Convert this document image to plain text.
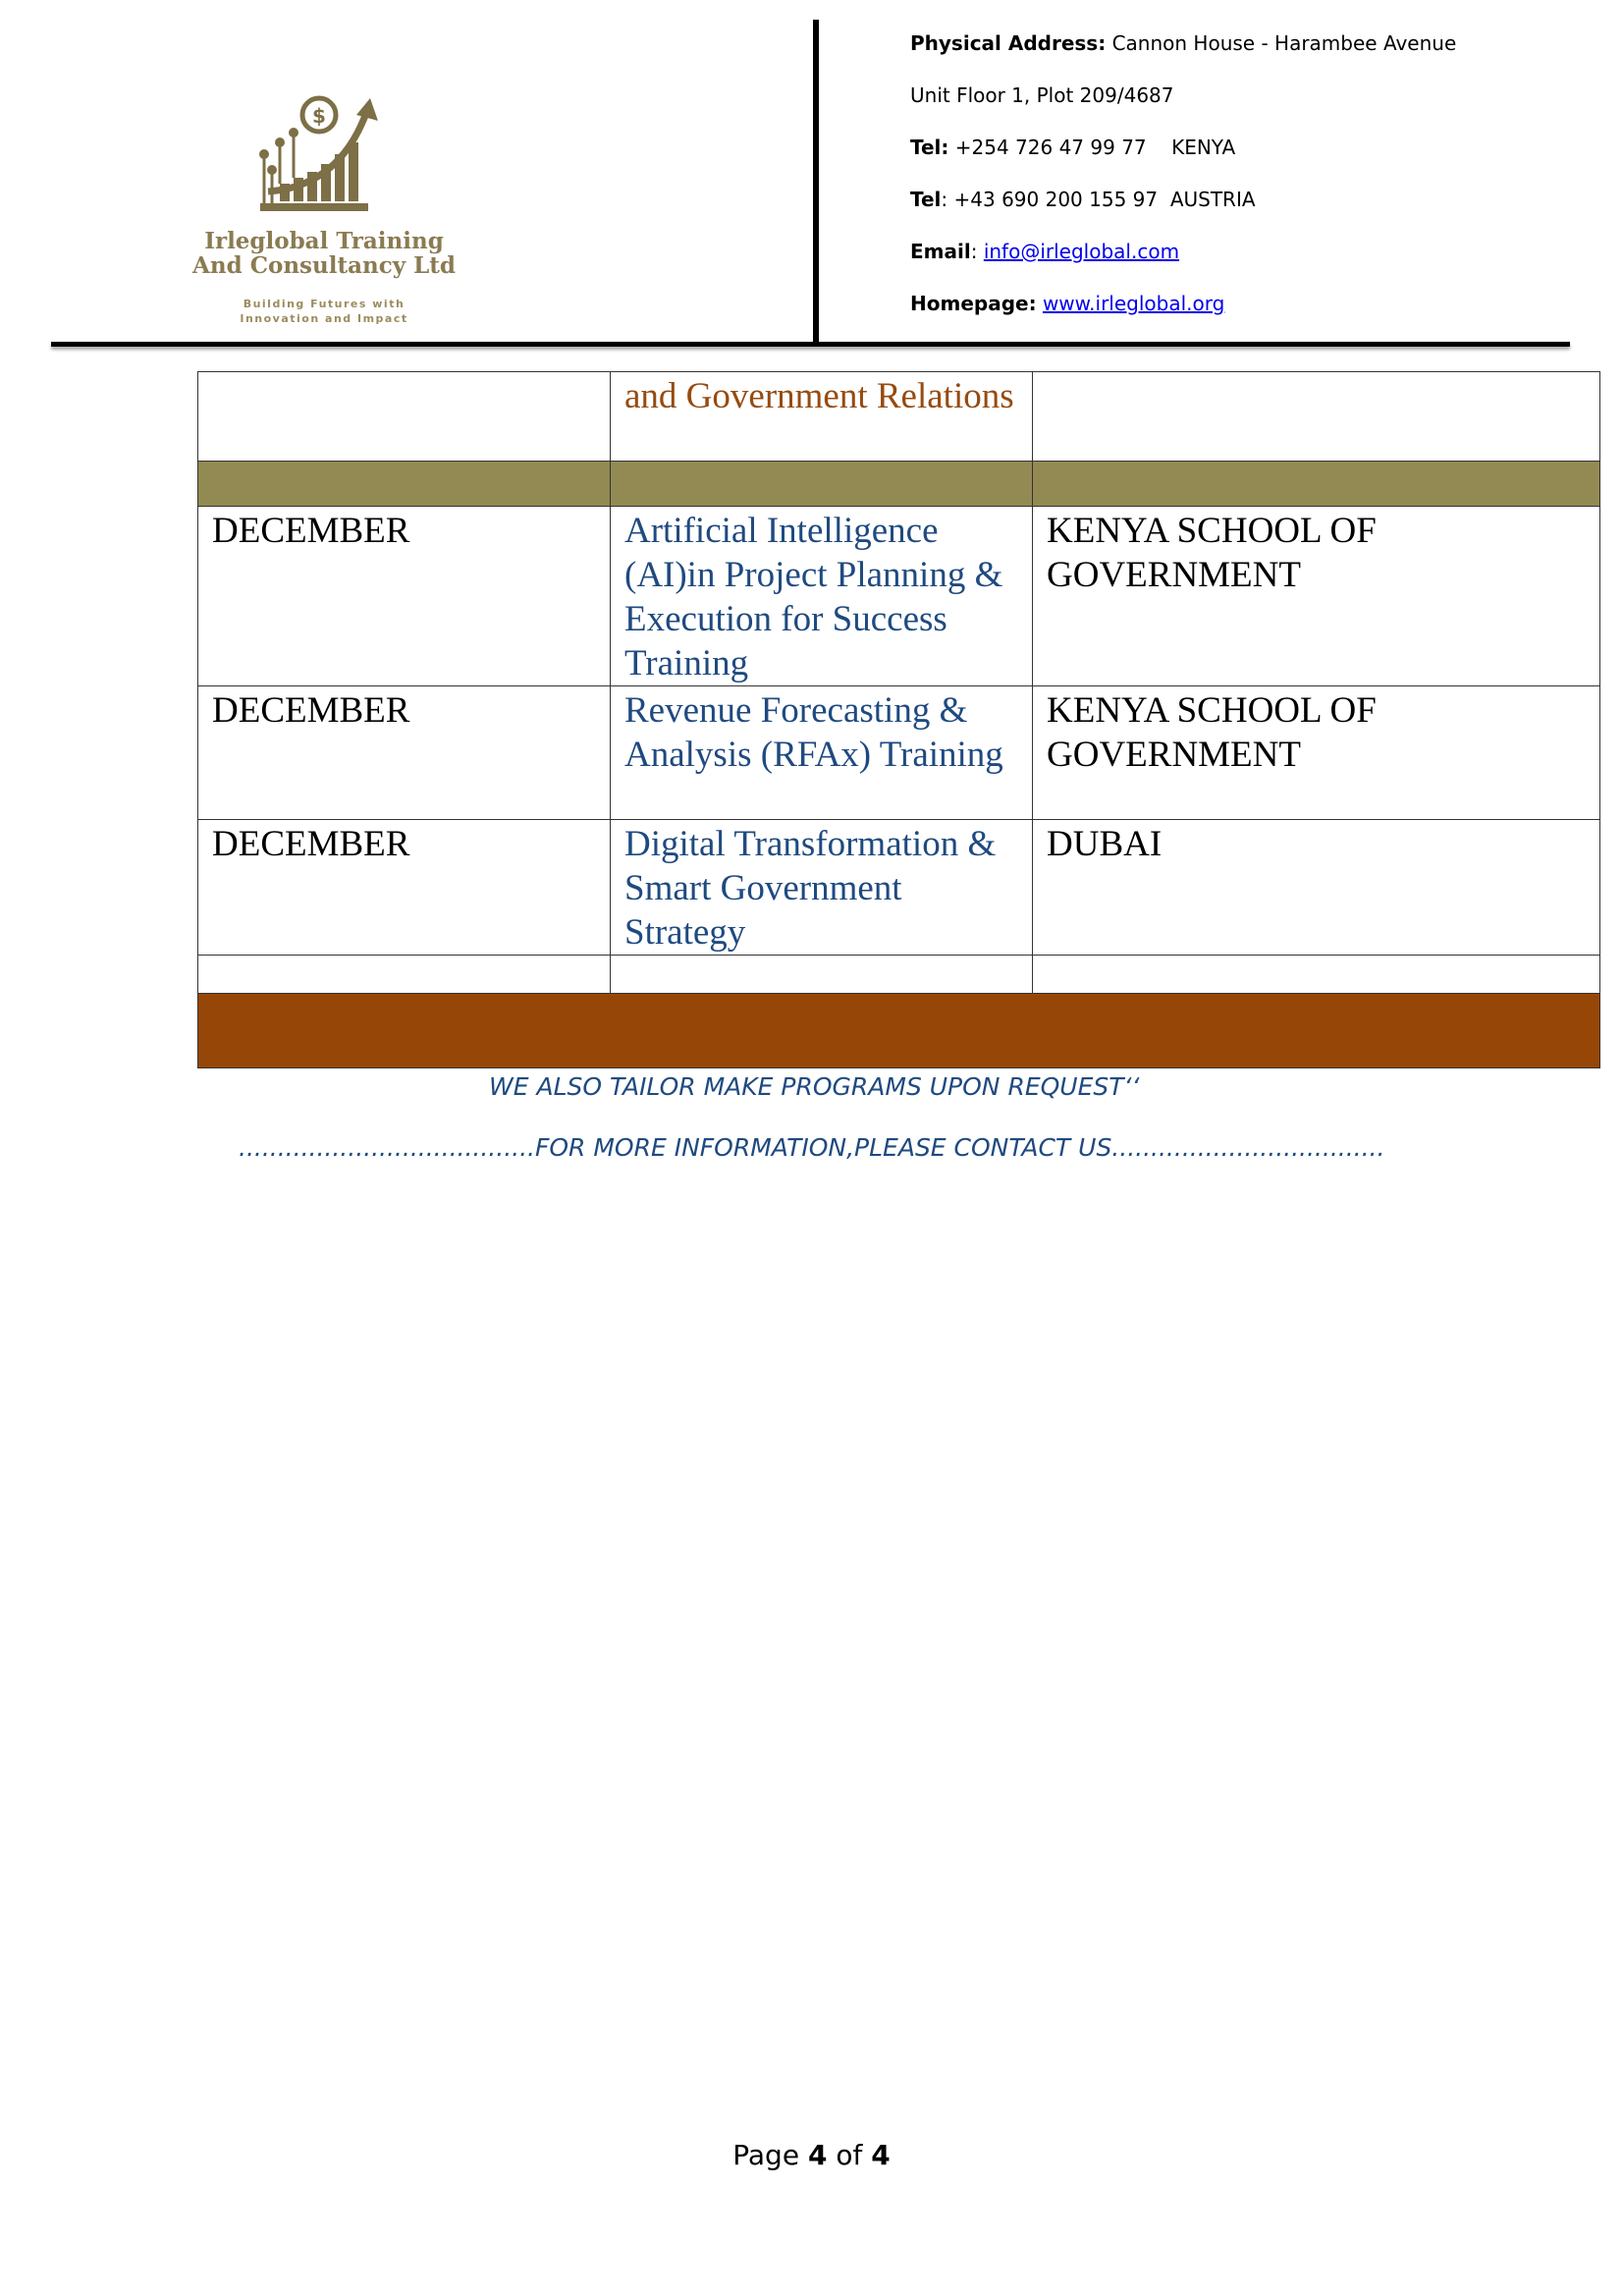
$
Irleglobal Training
And Consultancy Ltd
Building Futures with
Innovation and Impact
Physical Address: Cannon House - Harambee Avenue
Unit Floor 1, Plot 209/4687
Tel: +254 726 47 99 77    KENYA
Tel: +43 690 200 155 97  AUSTRIA
Email: info@irleglobal.com
Homepage: www.irleglobal.org
	and Government Relations	

DECEMBER	Artificial Intelligence (AI)in Project Planning & Execution for Success Training	KENYA SCHOOL OF GOVERNMENT
DECEMBER	Revenue Forecasting & Analysis (RFAx) Training	KENYA SCHOOL OF GOVERNMENT
DECEMBER	Digital Transformation & Smart Government Strategy	DUBAI

WE ALSO TAILOR MAKE PROGRAMS UPON REQUEST‘‘
......................................FOR MORE INFORMATION,PLEASE CONTACT US...................................
Page 4 of 4
